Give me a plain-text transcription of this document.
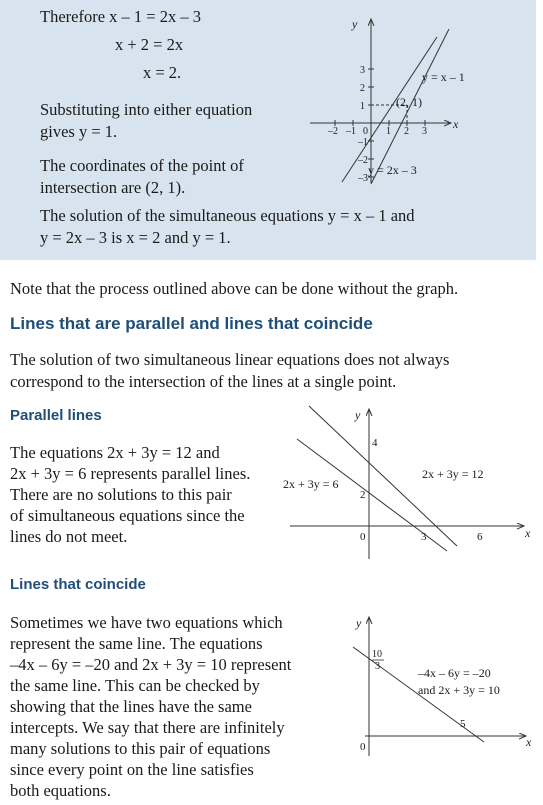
Therefore x – 1 = 2x – 3
x + 2 = 2x
x = 2.
Substituting into either equation
gives y = 1.
The coordinates of the point of
intersection are (2, 1).
The solution of the simultaneous equations y = x – 1 and
y = 2x – 3 is x = 2 and y = 1.
y
x
3
2
1
–1
–2
–3
–2 –1 0 1 2 3
(2, 1)
y = x – 1
y = 2x – 3
Note that the process outlined above can be done without the graph.
Lines that are parallel and lines that coincide
The solution of two simultaneous linear equations does not always
correspond to the intersection of the lines at a single point.
Parallel lines
The equations 2x + 3y = 12 and
2x + 3y = 6 represents parallel lines.
There are no solutions to this pair
of simultaneous equations since the
lines do not meet.
y
x
0
4
2
3	6
2x + 3y = 6
2x + 3y = 12
Lines that coincide
Sometimes we have two equations which
represent the same line. The equations
–4x – 6y = –20 and 2x + 3y = 10 represent
the same line. This can be checked by
showing that the lines have the same
intercepts. We say that there are infinitely
many solutions to this pair of equations
since every point on the line satisfies
both equations.
y
x
0
10
3
5
–4x – 6y = –20
and 2x + 3y = 10
